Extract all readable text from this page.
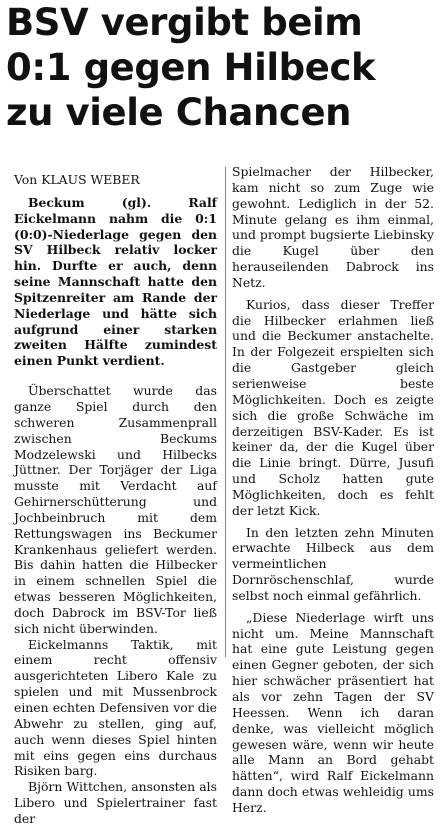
BSV vergibt beim
0:1 gegen Hilbeck
zu viele Chancen
Von KLAUS WEBER

Beckum (gl). Ralf Eickelmann nahm die 0:1 (0:0)-Niederlage gegen den SV Hilbeck relativ locker hin. Durfte er auch, denn seine Mannschaft hatte den Spitzenreiter am Rande der Niederlage und hätte sich aufgrund einer starken zweiten Hälfte zumindest einen Punkt verdient.

Überschattet wurde das ganze Spiel durch den schweren Zusammenprall zwischen Beckums Modzelewski und Hilbecks Jüttner. Der Torjäger der Liga musste mit Verdacht auf Gehirnerschütterung und Jochbeinbruch mit dem Rettungswagen ins Beckumer Krankenhaus geliefert werden. Bis dahin hatten die Hilbecker in einem schnellen Spiel die etwas besseren Möglichkeiten, doch Dabrock im BSV-Tor ließ sich nicht überwinden.

Eickelmanns Taktik, mit einem recht offensiv ausgerichteten Libero Kale zu spielen und mit Mussenbrock einen echten Defensiven vor die Abwehr zu stellen, ging auf, auch wenn dieses Spiel hinten mit eins gegen eins durchaus Risiken barg.

Björn Wittchen, ansonsten als Libero und Spielertrainer fast der

Spielmacher der Hilbecker, kam nicht so zum Zuge wie gewohnt. Lediglich in der 52. Minute gelang es ihm einmal, und prompt bugsierte Liebinsky die Kugel über den herauseilenden Dabrock ins Netz.

Kurios, dass dieser Treffer die Hilbecker erlahmen ließ und die Beckumer anstachelte. In der Folgezeit erspielten sich die Gastgeber gleich serienweise beste Möglichkeiten. Doch es zeigte sich die große Schwäche im derzeitigen BSV-Kader. Es ist keiner da, der die Kugel über die Linie bringt. Dürre, Jusufi und Scholz hatten gute Möglichkeiten, doch es fehlt der letzt Kick.

In den letzten zehn Minuten erwachte Hilbeck aus dem vermeintlichen Dornröschenschlaf, wurde selbst noch einmal gefährlich.

„Diese Niederlage wirft uns nicht um. Meine Mannschaft hat eine gute Leistung gegen einen Gegner geboten, der sich hier schwächer präsentiert hat als vor zehn Tagen der SV Heessen. Wenn ich daran denke, was vielleicht möglich gewesen wäre, wenn wir heute alle Mann an Bord gehabt hätten“, wird Ralf Eickelmann dann doch etwas wehleidig ums Herz.
